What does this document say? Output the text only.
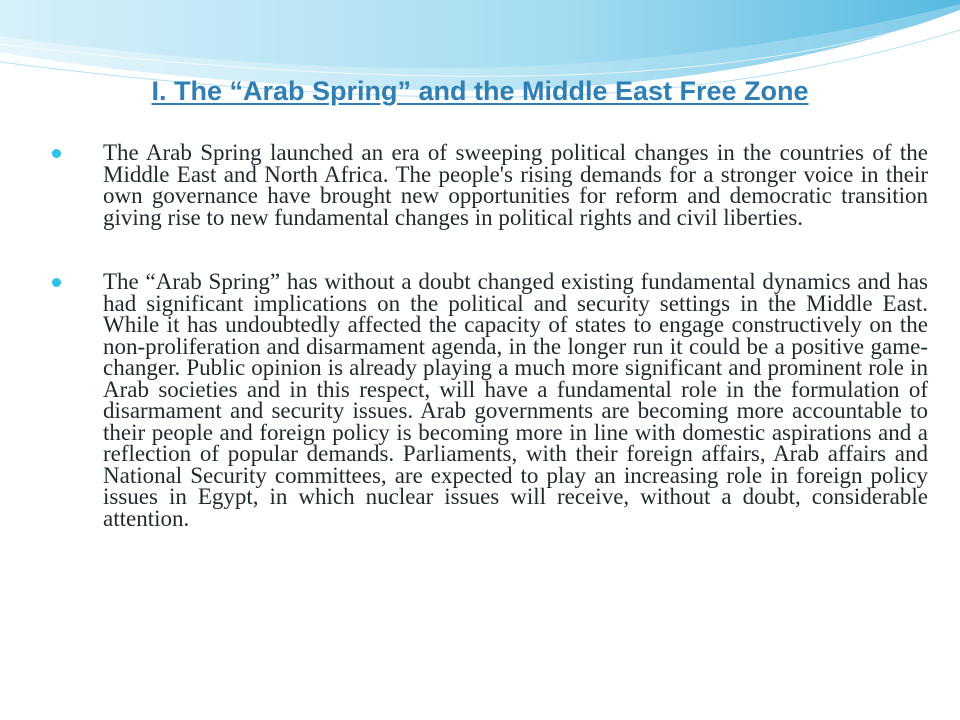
I. The “Arab Spring” and the Middle East Free Zone
The Arab Spring launched an era of sweeping political changes in the countries of the Middle East and North Africa. The people's rising demands for a stronger voice in their own governance have brought new opportunities for reform and democratic transition giving rise to new fundamental changes in political rights and civil liberties.
The “Arab Spring” has without a doubt changed existing fundamental dynamics and has had significant implications on the political and security settings in the Middle East. While it has undoubtedly affected the capacity of states to engage constructively on the non-proliferation and disarmament agenda, in the longer run it could be a positive game-changer. Public opinion is already playing a much more significant and prominent role in Arab societies and in this respect, will have a fundamental role in the formulation of disarmament and security issues. Arab governments are becoming more accountable to their people and foreign policy is becoming more in line with domestic aspirations and a reflection of popular demands. Parliaments, with their foreign affairs, Arab affairs and National Security committees, are expected to play an increasing role in foreign policy issues in Egypt, in which nuclear issues will receive, without a doubt, considerable attention.
